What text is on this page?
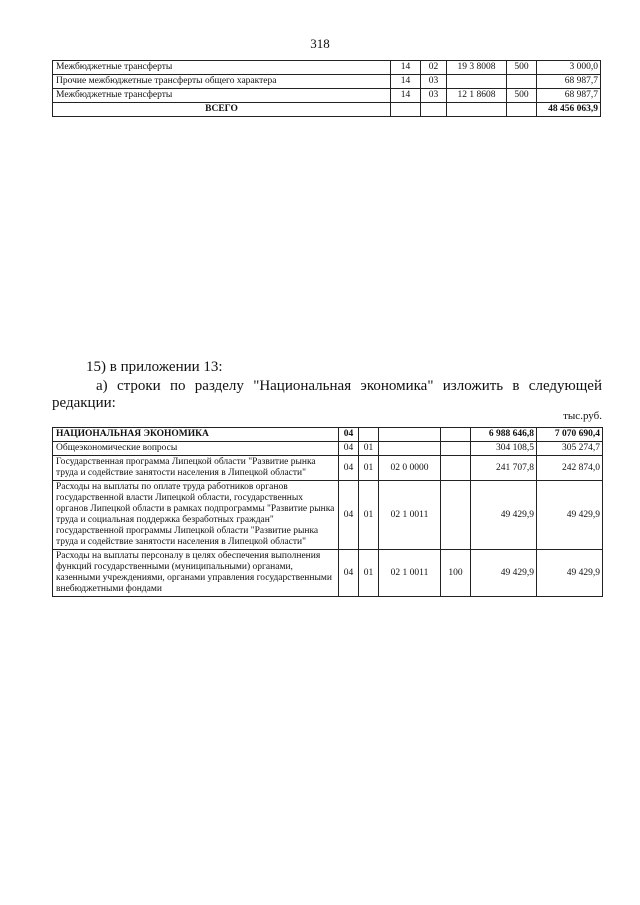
318
Межбюджетные трансферты	14	02	19 3 8008	500	3 000,0
Прочие межбюджетные трансферты общего характера	14	03			68 987,7
Межбюджетные трансферты	14	03	12 1 8608	500	68 987,7
ВСЕГО					48 456 063,9
15) в приложении 13:
а) строки по разделу "Национальная экономика" изложить в следующей редакции:
тыс.руб.
НАЦИОНАЛЬНАЯ ЭКОНОМИКА	04				6 988 646,8	7 070 690,4
Общеэкономические вопросы	04	01			304 108,5	305 274,7
Государственная программа Липецкой области "Развитие рынка труда и содействие занятости населения в Липецкой области"	04	01	02 0 0000		241 707,8	242 874,0
Расходы на выплаты по оплате труда работников органов государственной власти Липецкой области, государственных органов Липецкой области в рамках подпрограммы "Развитие рынка труда и социальная поддержка безработных граждан" государственной программы Липецкой области "Развитие рынка труда и содействие занятости населения в Липецкой области"	04	01	02 1 0011		49 429,9	49 429,9
Расходы на выплаты персоналу в целях обеспечения выполнения функций государственными (муниципальными) органами, казенными учреждениями, органами управления государственными внебюджетными фондами	04	01	02 1 0011	100	49 429,9	49 429,9
